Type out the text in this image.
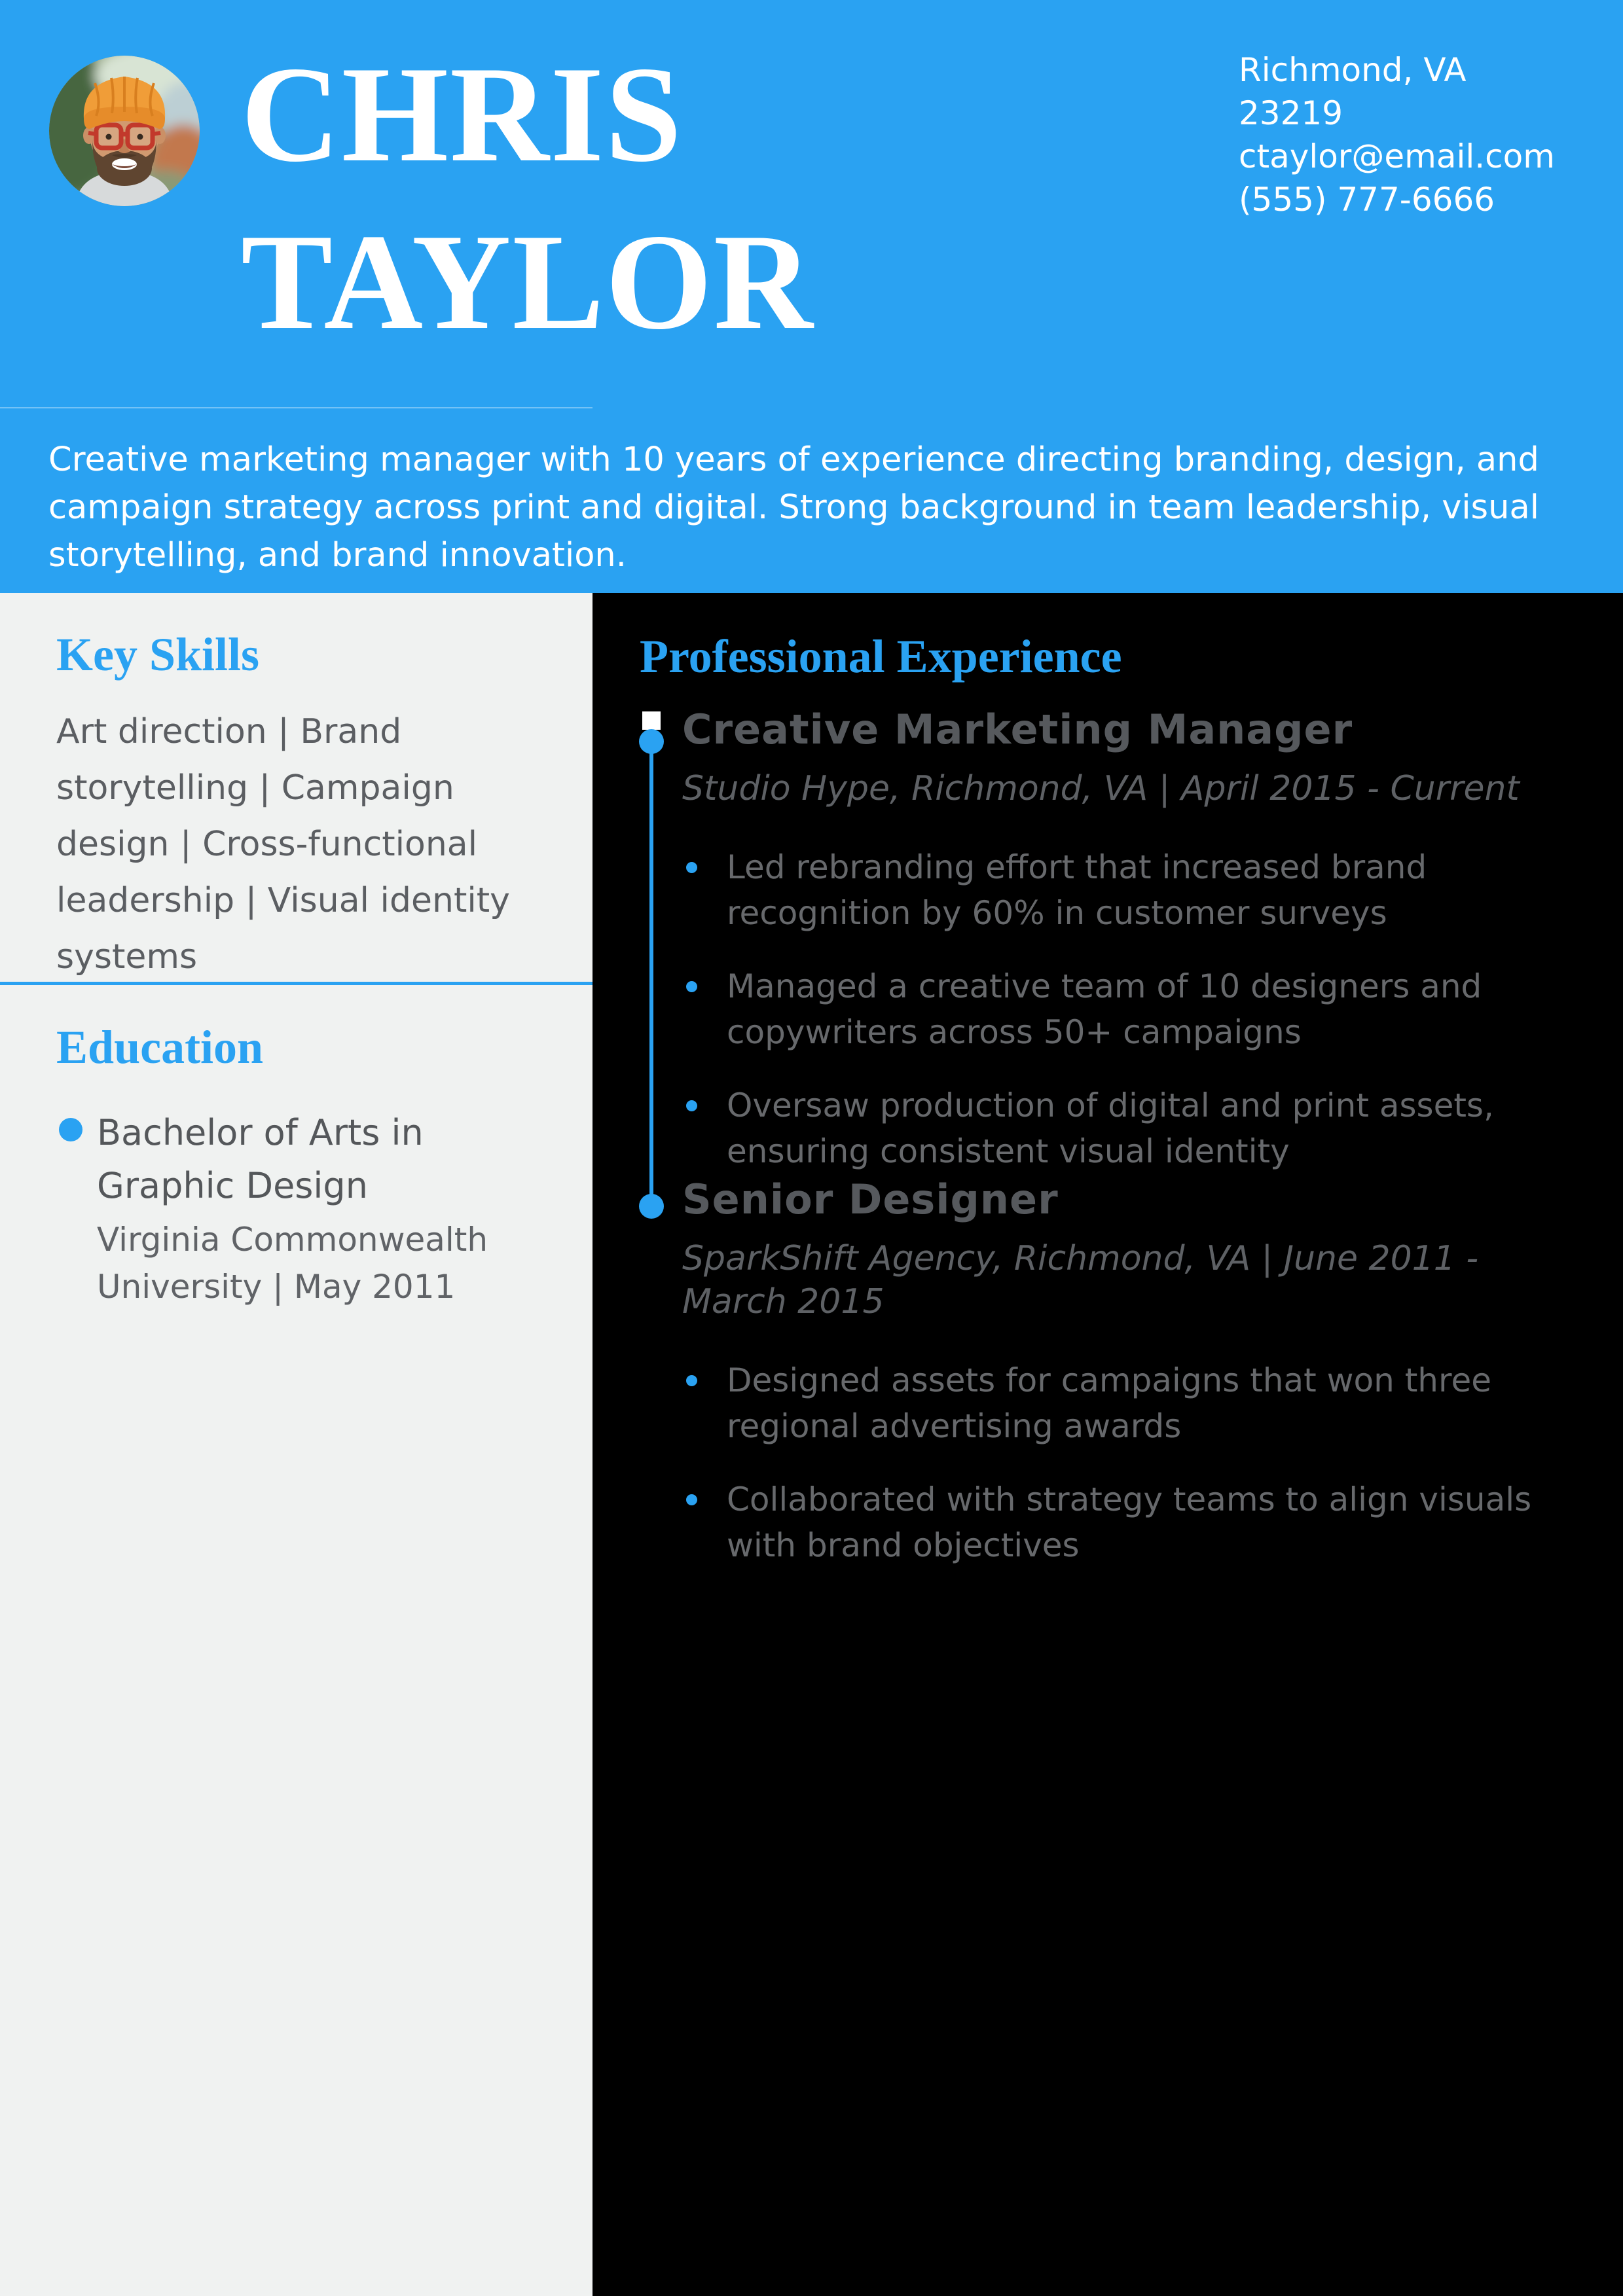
CHRIS
TAYLOR
Richmond, VA
23219
ctaylor@email.com
(555) 777-6666
Creative marketing manager with 10 years of experience directing branding, design, and campaign strategy across print and digital. Strong background in team leadership, visual storytelling, and brand innovation.
Key Skills
Art direction | Brand storytelling | Campaign design | Cross-functional leadership | Visual identity systems
Education
Bachelor of Arts in Graphic Design
Virginia Commonwealth University | May 2011
Professional Experience
Creative Marketing Manager
Studio Hype, Richmond, VA | April 2015 - Current
Led rebranding effort that increased brand recognition by 60% in customer surveys
Managed a creative team of 10 designers and copywriters across 50+ campaigns
Oversaw production of digital and print assets, ensuring consistent visual identity
Senior Designer
SparkShift Agency, Richmond, VA | June 2011 - March 2015
Designed assets for campaigns that won three regional advertising awards
Collaborated with strategy teams to align visuals with brand objectives
